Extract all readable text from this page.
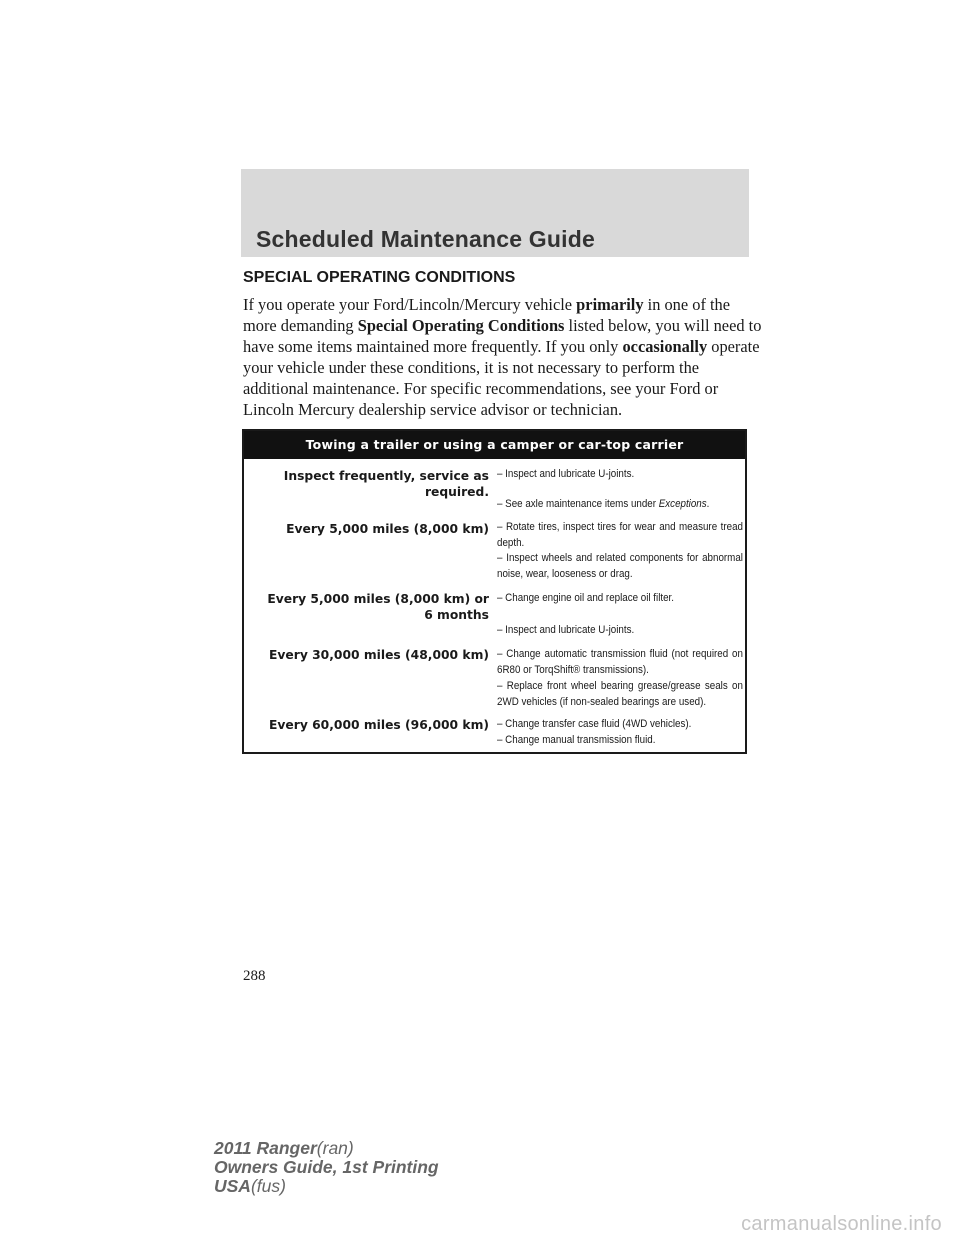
Scheduled Maintenance Guide
SPECIAL OPERATING CONDITIONS
If you operate your Ford/Lincoln/Mercury vehicle primarily in one of the more demanding Special Operating Conditions listed below, you will need to have some items maintained more frequently. If you only occasionally operate your vehicle under these conditions, it is not necessary to perform the additional maintenance. For specific recommendations, see your Ford or Lincoln Mercury dealership service advisor or technician.
Towing a trailer or using a camper or car-top carrier
Inspect frequently, service as required.
– Inspect and lubricate U-joints.
– See axle maintenance items under Exceptions.
Every 5,000 miles (8,000 km) – Rotate tires, inspect tires for wear and measure tread depth.
– Inspect wheels and related components for abnormal noise, wear, looseness or drag.
Every 5,000 miles (8,000 km) or 6 months
– Change engine oil and replace oil filter.
– Inspect and lubricate U-joints.
Every 30,000 miles (48,000 km) – Change automatic transmission fluid (not required on 6R80 or TorqShift® transmissions).
– Replace front wheel bearing grease/grease seals on 2WD vehicles (if non-sealed bearings are used).
Every 60,000 miles (96,000 km) – Change transfer case fluid (4WD vehicles).
– Change manual transmission fluid.
288
2011 Ranger(ran)
Owners Guide, 1st Printing
USA(fus)
carmanualsonline.info
